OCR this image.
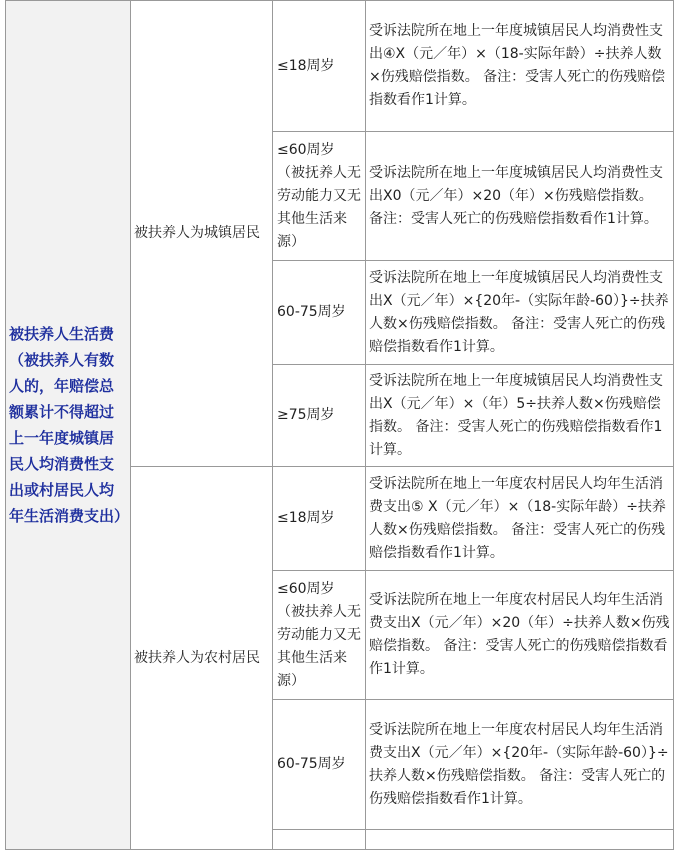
被扶养人生活费（被扶养人有数人的，年赔偿总额累计不得超过上一年度城镇居民人均消费性支出或村居民人均年生活消费支出）	被扶养人为城镇居民	≤18周岁	受诉法院所在地上一年度城镇居民人均消费性支出④X（元／年）×（18-实际年龄）÷扶养人数×伤残赔偿指数。 备注：受害人死亡的伤残赔偿指数看作1计算。
		≤60周岁（被抚养人无劳动能力又无其他生活来源）	受诉法院所在地上一年度城镇居民人均消费性支出X0（元／年）×20（年）×伤残赔偿指数。 备注：受害人死亡的伤残赔偿指数看作1计算。
		60-75周岁	受诉法院所在地上一年度城镇居民人均消费性支出X（元／年）×{20年-（实际年龄-60）}÷扶养人数×伤残赔偿指数。 备注：受害人死亡的伤残赔偿指数看作1计算。
		≥75周岁	受诉法院所在地上一年度城镇居民人均消费性支出X（元／年）×（年）5÷扶养人数×伤残赔偿指数。 备注：受害人死亡的伤残赔偿指数看作1计算。
	被扶养人为农村居民	≤18周岁	受诉法院所在地上一年度农村居民人均年生活消费支出⑤ X（元／年）×（18-实际年龄）÷扶养人数×伤残赔偿指数。 备注：受害人死亡的伤残赔偿指数看作1计算。
		≤60周岁（被扶养人无劳动能力又无其他生活来源）	受诉法院所在地上一年度农村居民人均年生活消费支出X（元／年）×20（年）÷扶养人数×伤残赔偿指数。 备注：受害人死亡的伤残赔偿指数看作1计算。
		60-75周岁	受诉法院所在地上一年度农村居民人均年生活消费支出X（元／年）×{20年-（实际年龄-60）}÷扶养人数×伤残赔偿指数。 备注：受害人死亡的伤残赔偿指数看作1计算。
